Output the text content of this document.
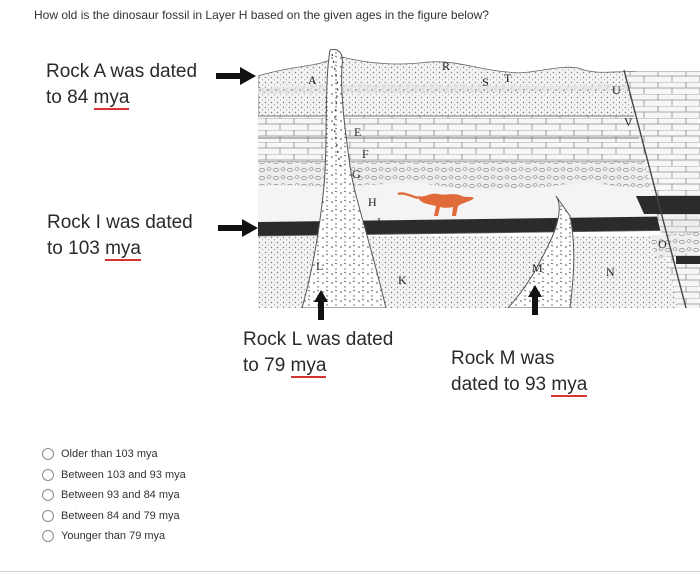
How old is the dinosaur fossil in Layer H based on the given ages in the figure below?
Rock A was dated
to 84 mya
Rock I was dated
to 103 mya
A
R
S T
U
V
E
F
G
H
J
K
L	M	N
O
Rock L was dated
to 79 mya	Rock M was
dated to 93 mya
Older than 103 mya
Between 103 and 93 mya
Between 93 and 84 mya
Between 84 and 79 mya
Younger than 79 mya
